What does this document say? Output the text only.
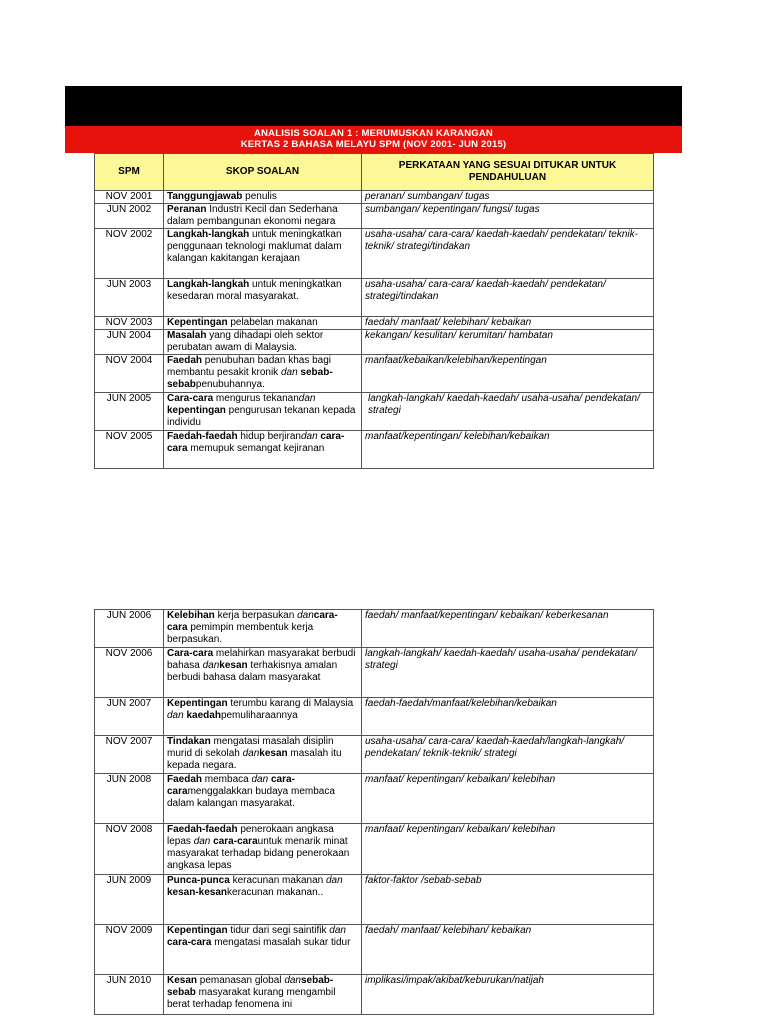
ANALISIS SOALAN 1 : MERUMUSKAN KARANGAN
KERTAS 2 BAHASA MELAYU SPM (NOV 2001- JUN 2015)
SPM	SKOP SOALAN	PERKATAAN YANG SESUAI DITUKAR UNTUK
PENDAHULUAN

NOV 2001	Tanggungjawab penulis	peranan/ sumbangan/ tugas
JUN 2002	Peranan Industri Kecil dan Sederhana dalam pembangunan ekonomi negara	sumbangan/ kepentingan/ fungsi/ tugas
NOV 2002	Langkah-langkah untuk meningkatkan penggunaan teknologi maklumat dalam kalangan kakitangan kerajaan	usaha-usaha/ cara-cara/ kaedah-kaedah/ pendekatan/ teknik-teknik/ strategi/tindakan
JUN 2003	Langkah-langkah untuk meningkatkan kesedaran moral masyarakat.	usaha-usaha/ cara-cara/ kaedah-kaedah/ pendekatan/ strategi/tindakan
NOV 2003	Kepentingan pelabelan makanan	faedah/ manfaat/ kelebihan/ kebaikan
JUN 2004	Masalah yang dihadapi oleh sektor perubatan awam di Malaysia.	kekangan/ kesulitan/ kerumitan/ hambatan
NOV 2004	Faedah penubuhan badan khas bagi membantu pesakit kronik dan sebab-sebabpenubuhannya.	manfaat/kebaikan/kelebihan/kepentingan
JUN 2005	Cara-cara mengurus tekanandan kepentingan pengurusan tekanan kepada individu	langkah-langkah/ kaedah-kaedah/ usaha-usaha/ pendekatan/ strategi
NOV 2005	Faedah-faedah hidup berjirandan cara-cara memupuk semangat kejiranan	manfaat/kepentingan/ kelebihan/kebaikan
JUN 2006	Kelebihan kerja berpasukan dancara-cara pemimpin membentuk kerja berpasukan.	faedah/ manfaat/kepentingan/ kebaikan/ keberkesanan
NOV 2006	Cara-cara melahirkan masyarakat berbudi bahasa dankesan terhakisnya amalan berbudi bahasa dalam masyarakat	langkah-langkah/ kaedah-kaedah/ usaha-usaha/ pendekatan/ strategi
JUN 2007	Kepentingan terumbu karang di Malaysia dan kaedahpemuliharaannya	faedah-faedah/manfaat/kelebihan/kebaikan
NOV 2007	Tindakan mengatasi masalah disiplin murid di sekolah dankesan masalah itu kepada negara.	usaha-usaha/ cara-cara/ kaedah-kaedah/langkah-langkah/ pendekatan/ teknik-teknik/ strategi
JUN 2008	Faedah membaca dan cara-caramenggalakkan budaya membaca dalam kalangan masyarakat.	manfaat/ kepentingan/ kebaikan/ kelebihan
NOV 2008	Faedah-faedah penerokaan angkasa lepas dan cara-carauntuk menarik minat masyarakat terhadap bidang penerokaan angkasa lepas	manfaat/ kepentingan/ kebaikan/ kelebihan
JUN 2009	Punca-punca keracunan makanan dan kesan-kesankeracunan makanan..	faktor-faktor /sebab-sebab
NOV 2009	Kepentingan tidur dari segi saintifik dan cara-cara mengatasi masalah sukar tidur	faedah/ manfaat/ kelebihan/ kebaikan
JUN 2010	Kesan pemanasan global dansebab-sebab masyarakat kurang mengambil berat terhadap fenomena ini	implikasi/impak/akibat/keburukan/natijah
